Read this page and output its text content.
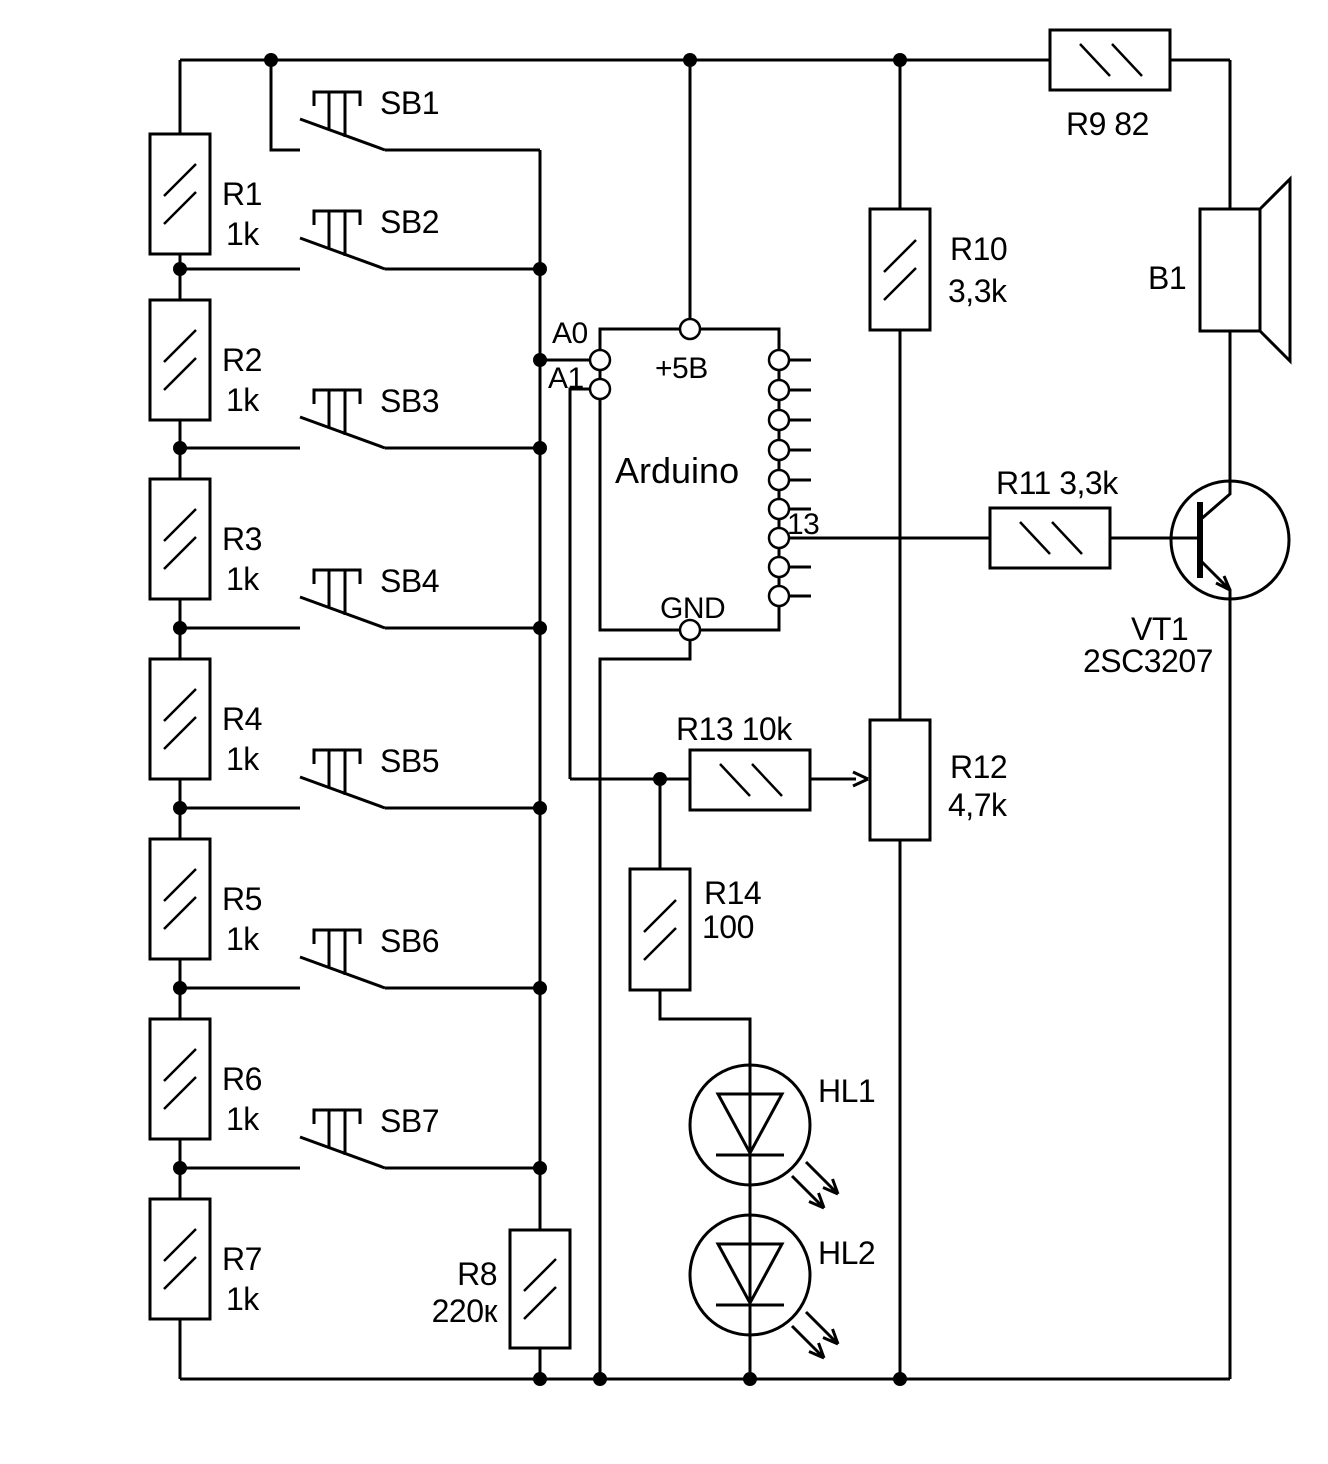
R1
1k
R2
1k
R3
1k
R4
1k
R5
1k
R6
1k
R7
1k
R8
220к
R9 82
R10
3,3k
R11 3,3k
R12
4,7k
R13 10k
R14
100
SB1
SB2
SB3
SB4
SB5
SB6
SB7
HL1
HL2
B1
VT1
2SC3207
Arduino
A0
A1 +5B
GND
13
